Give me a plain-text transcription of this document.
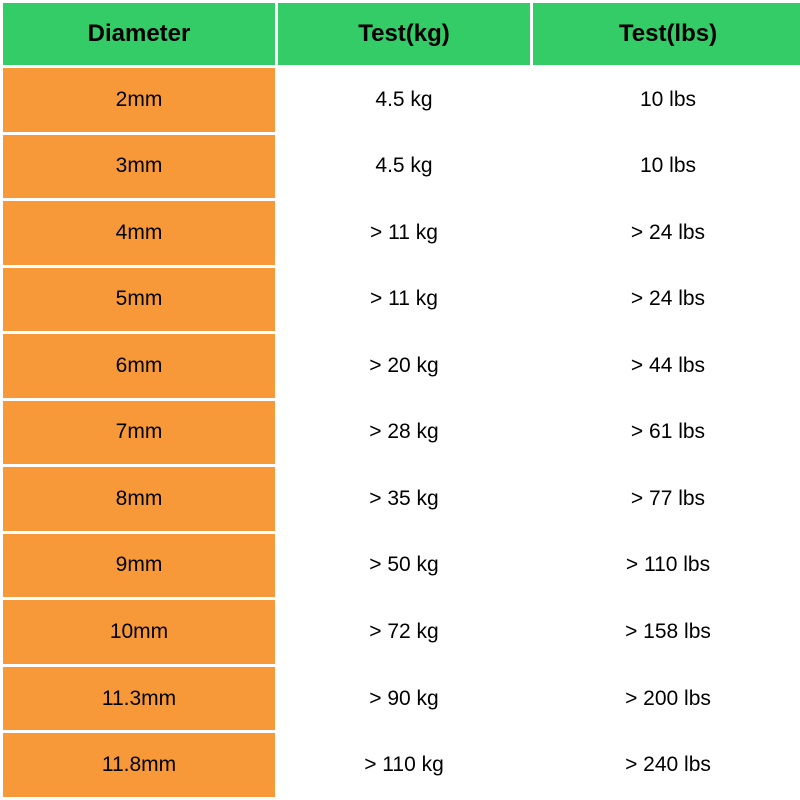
Diameter	Test(kg)	Test(lbs)
2mm	4.5 kg	10 lbs
3mm	4.5 kg	10 lbs
4mm	> 11 kg	> 24 lbs
5mm	> 11 kg	> 24 lbs
6mm	> 20 kg	> 44 lbs
7mm	> 28 kg	> 61 lbs
8mm	> 35 kg	> 77 lbs
9mm	> 50 kg	> 110 lbs
10mm	> 72 kg	> 158 lbs
11.3mm	> 90 kg	> 200 lbs
11.8mm	> 110 kg	> 240 lbs
